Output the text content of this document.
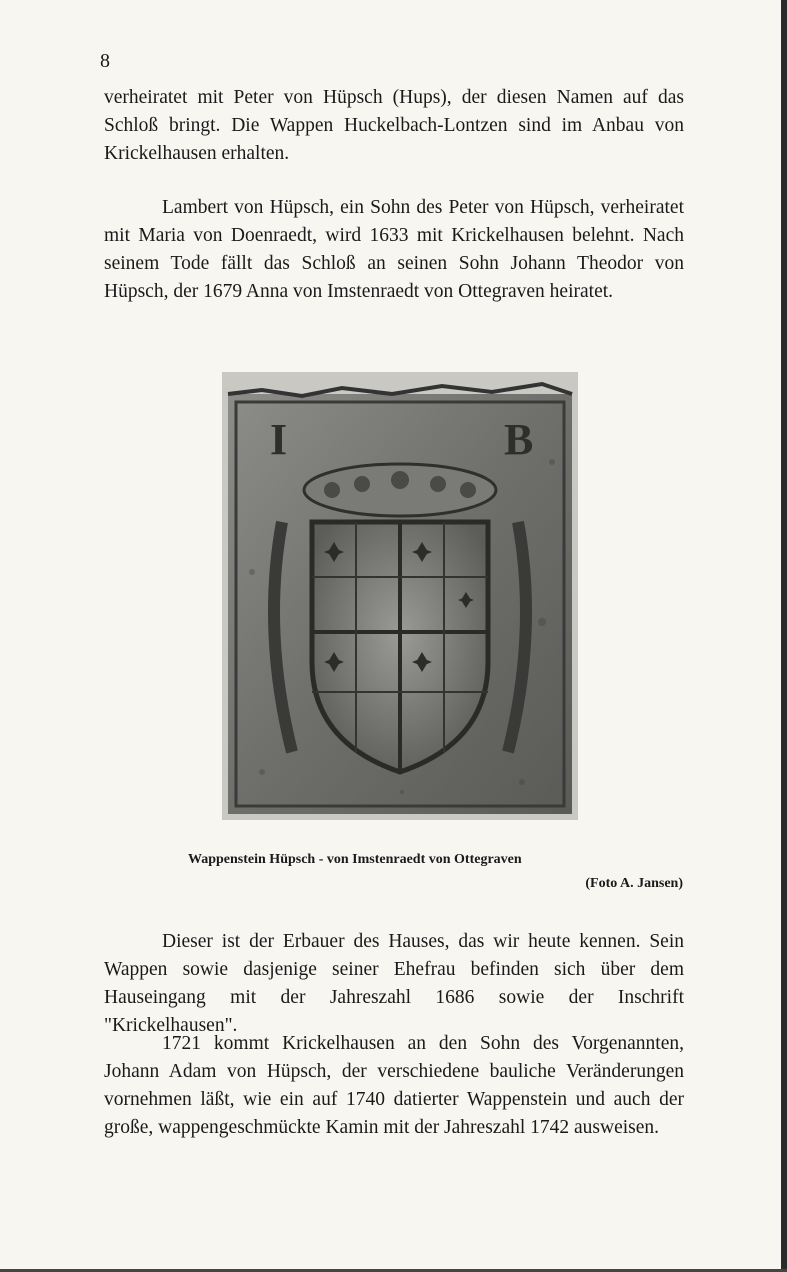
8

verheiratet mit Peter von Hüpsch (Hups), der diesen Namen auf das Schloß bringt. Die Wappen Huckelbach-Lontzen sind im Anbau von Krickelhausen erhalten.

Lambert von Hüpsch, ein Sohn des Peter von Hüpsch, verheiratet mit Maria von Doenraedt, wird 1633 mit Krickelhausen belehnt. Nach seinem Tode fällt das Schloß an seinen Sohn Johann Theodor von Hüpsch, der 1679 Anna von Imstenraedt von Ottegraven heiratet.

I	B
Wappenstein Hüpsch - von Imstenraedt von Ottegraven
(Foto A. Jansen)

Dieser ist der Erbauer des Hauses, das wir heute kennen. Sein Wappen sowie dasjenige seiner Ehefrau befinden sich über dem Hauseingang mit der Jahreszahl 1686 sowie der Inschrift "Krickelhausen".

1721 kommt Krickelhausen an den Sohn des Vorgenannten, Johann Adam von Hüpsch, der verschiedene bauliche Veränderungen vornehmen läßt, wie ein auf 1740 datierter Wappenstein und auch der große, wappengeschmückte Kamin mit der Jahreszahl 1742 ausweisen.
